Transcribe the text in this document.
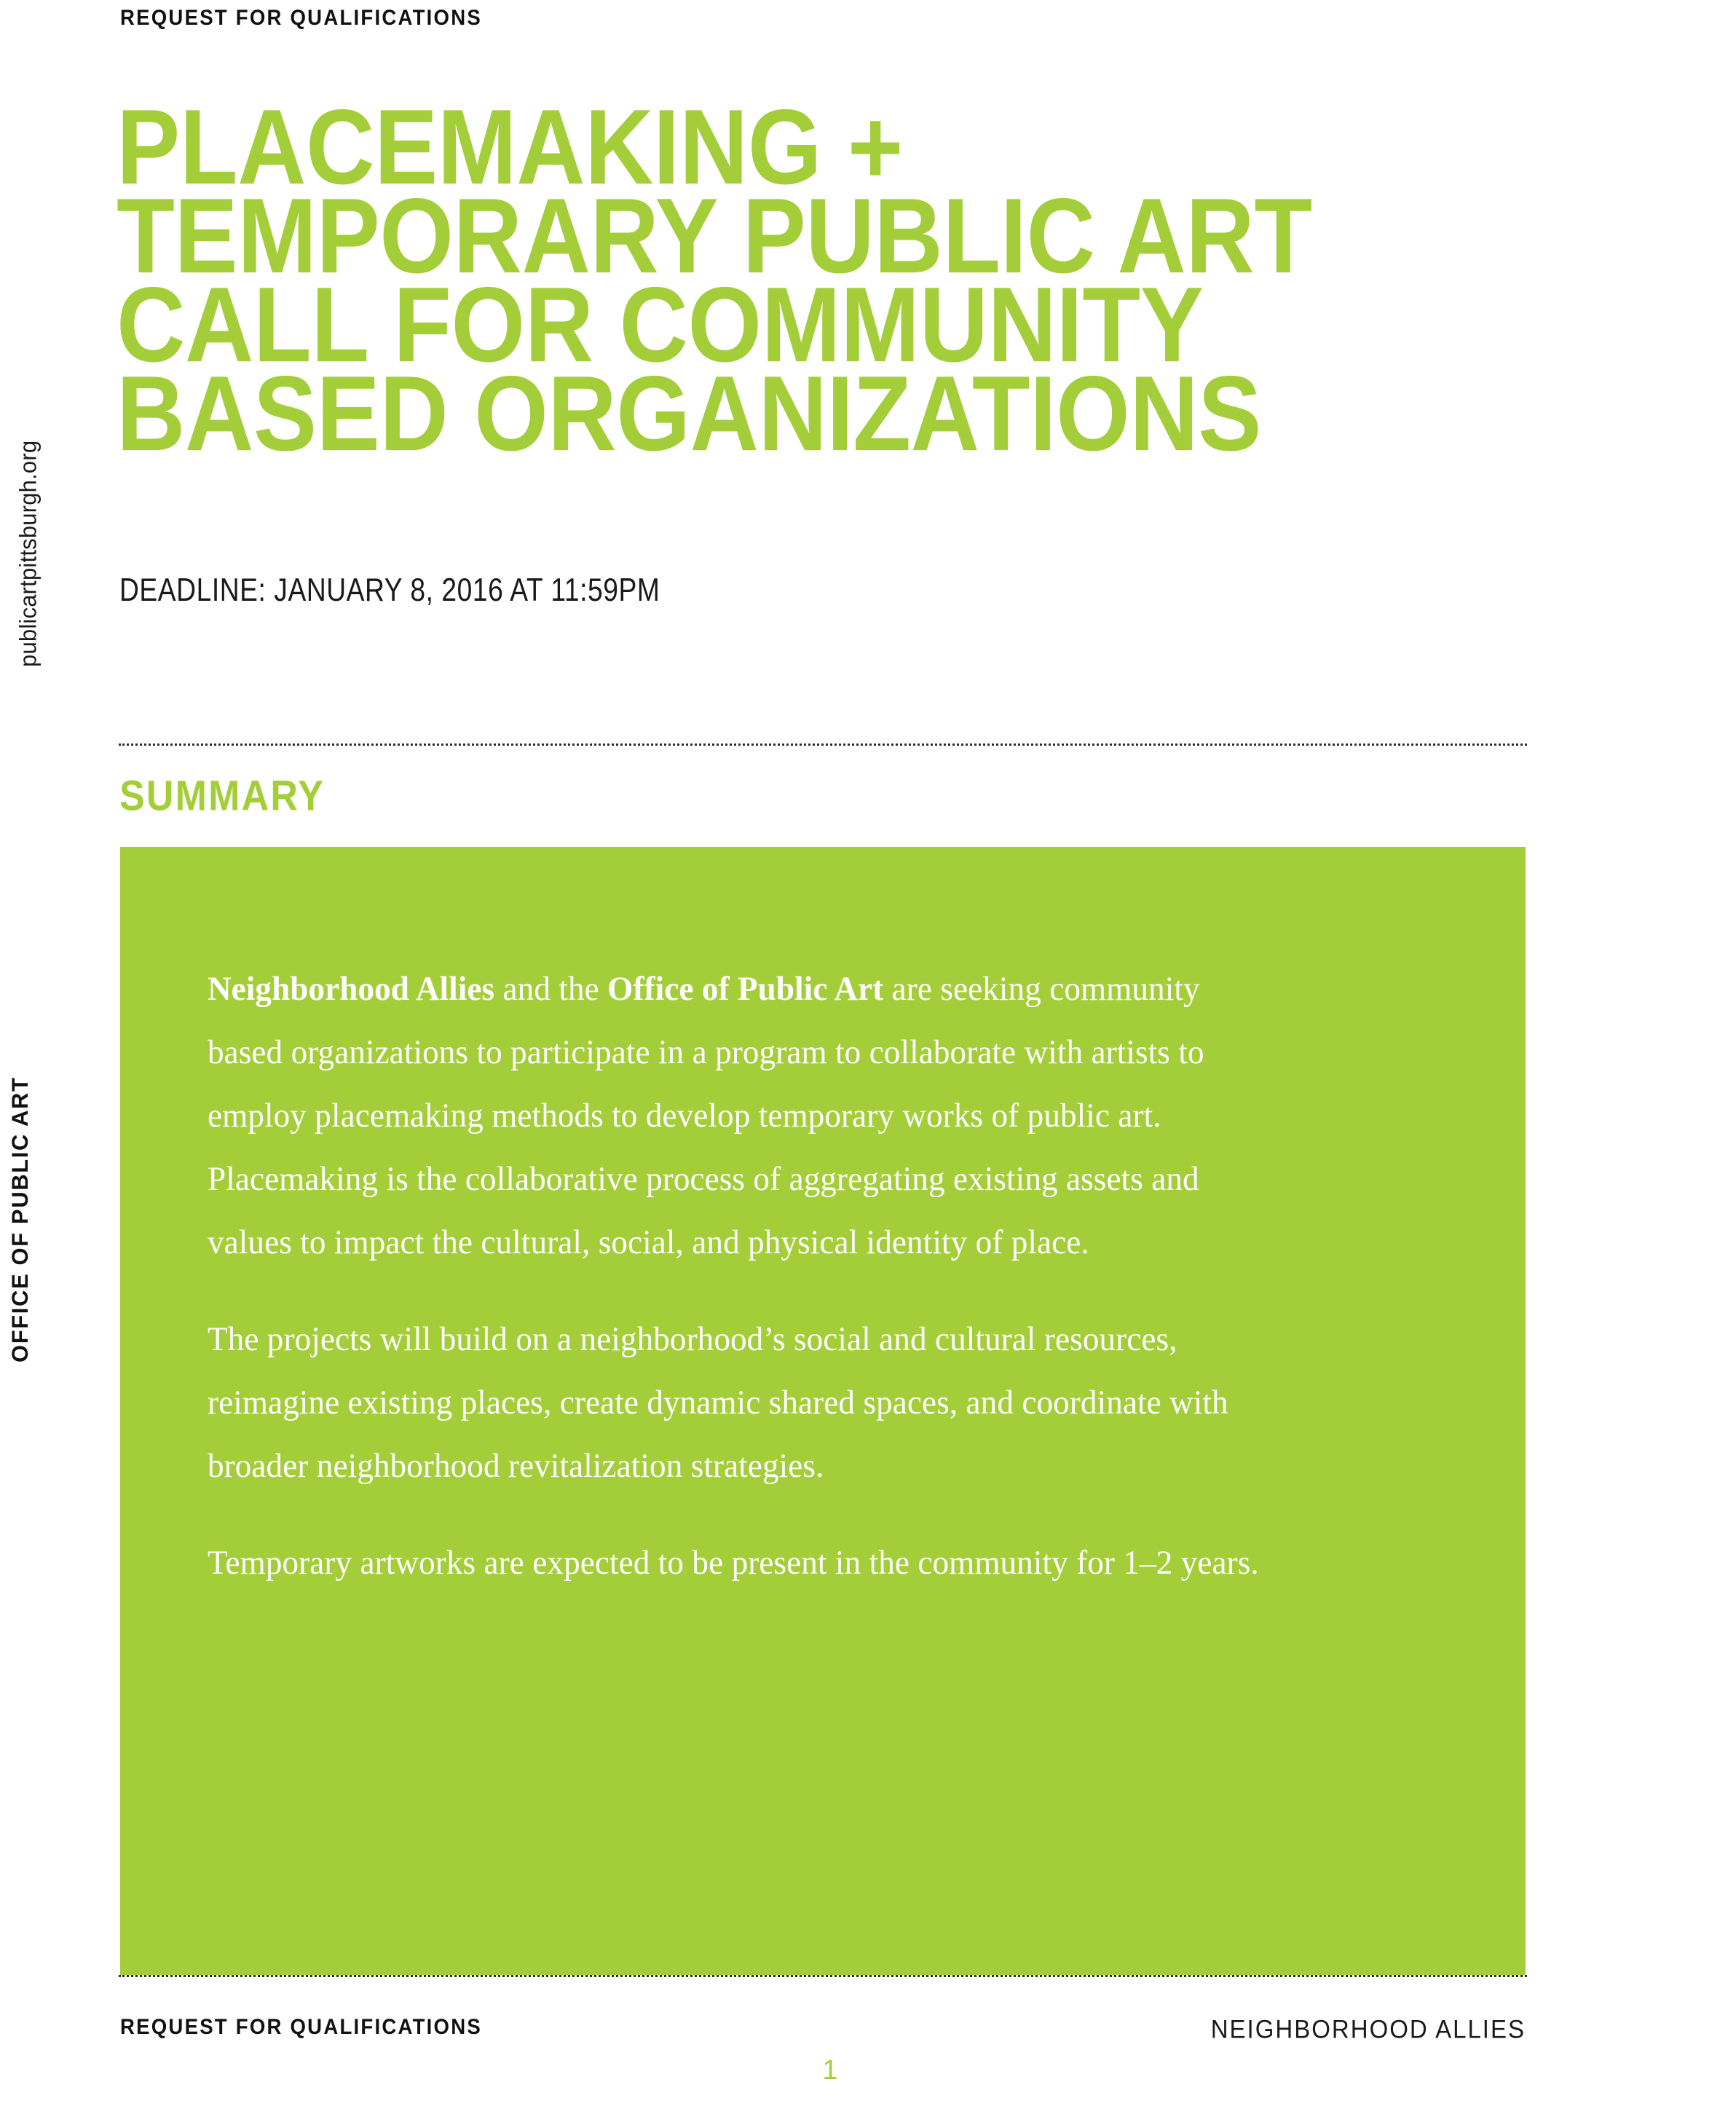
REQUEST FOR QUALIFICATIONS
PLACEMAKING +
TEMPORARY PUBLIC ART
CALL FOR COMMUNITY
BASED ORGANIZATIONS
DEADLINE: JANUARY 8, 2016 AT 11:59PM
publicartpittsburgh.org
OFFICE OF PUBLIC ART
SUMMARY

Neighborhood Allies and the Office of Public Art are seeking community based organizations to participate in a program to collaborate with artists to employ placemaking methods to develop temporary works of public art. Placemaking is the collaborative process of aggregating existing assets and values to impact the cultural, social, and physical identity of place.

The projects will build on a neighborhood’s social and cultural resources, reimagine existing places, create dynamic shared spaces, and coordinate with broader neighborhood revitalization strategies.

Temporary artworks are expected to be present in the community for 1–2 years.

REQUEST FOR QUALIFICATIONS	NEIGHBORHOOD ALLIES
1
